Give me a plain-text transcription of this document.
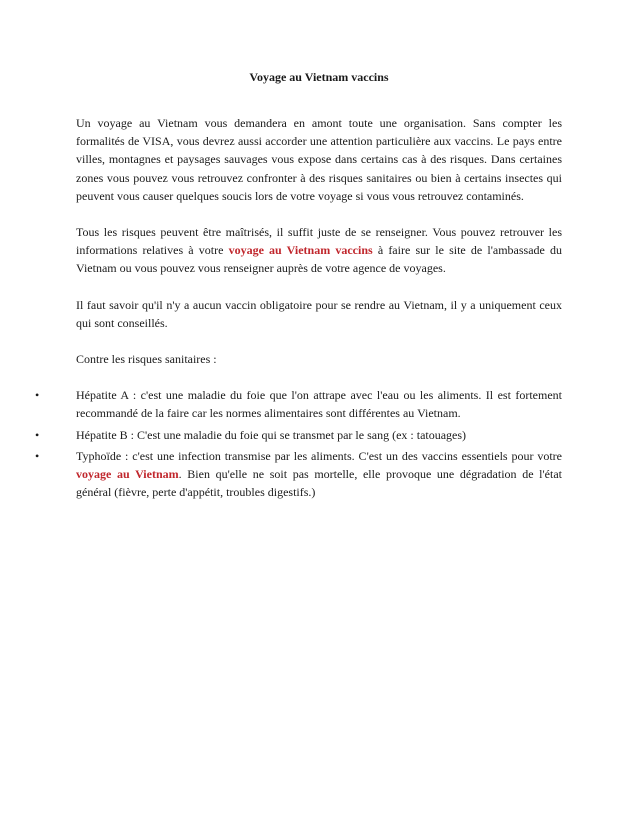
Voyage au Vietnam vaccins

Un voyage au Vietnam vous demandera en amont toute une organisation. Sans compter les formalités de VISA, vous devrez aussi accorder une attention particulière aux vaccins. Le pays entre villes, montagnes et paysages sauvages vous expose dans certains cas à des risques. Dans certaines zones vous pouvez vous retrouvez confronter à des risques sanitaires ou bien à certains insectes qui peuvent vous causer quelques soucis lors de votre voyage si vous vous retrouvez contaminés.

Tous les risques peuvent être maîtrisés, il suffit juste de se renseigner. Vous pouvez retrouver les informations relatives à votre voyage au Vietnam vaccins à faire sur le site de l'ambassade du Vietnam ou vous pouvez vous renseigner auprès de votre agence de voyages.

Il faut savoir qu'il n'y a aucun vaccin obligatoire pour se rendre au Vietnam, il y a uniquement ceux qui sont conseillés.

Contre les risques sanitaires :

•	Hépatite A : c'est une maladie du foie que l'on attrape avec l'eau ou les aliments. Il est fortement recommandé de la faire car les normes alimentaires sont différentes au Vietnam.
•	Hépatite B : C'est une maladie du foie qui se transmet par le sang (ex : tatouages)
•	Typhoïde : c'est une infection transmise par les aliments. C'est un des vaccins essentiels pour votre voyage au Vietnam. Bien qu'elle ne soit pas mortelle, elle provoque une dégradation de l'état général (fièvre, perte d'appétit, troubles digestifs.)
